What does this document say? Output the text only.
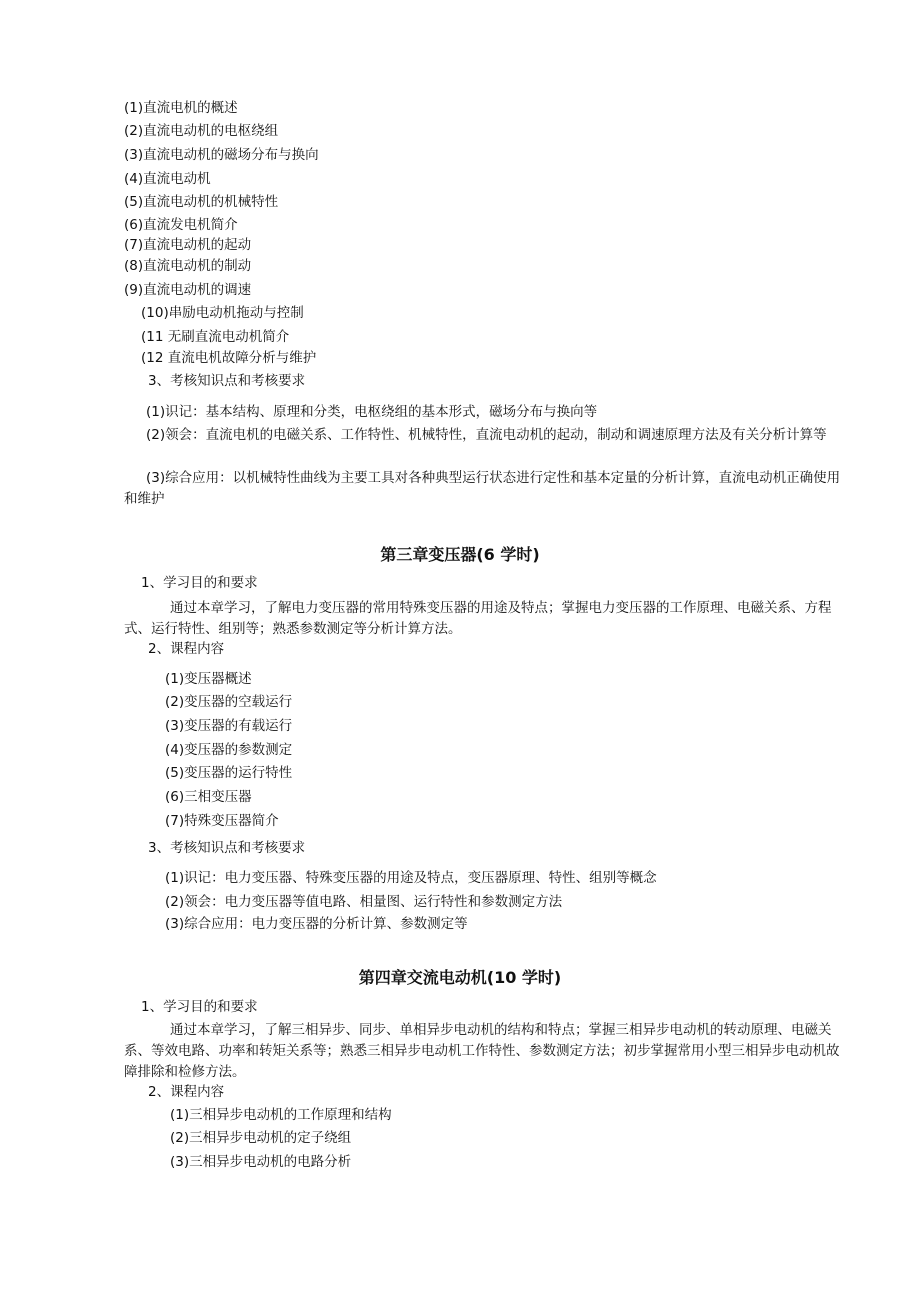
(1)直流电机的概述
(2)直流电动机的电枢绕组
(3)直流电动机的磁场分布与换向
(4)直流电动机
(5)直流电动机的机械特性
(6)直流发电机简介
(7)直流电动机的起动
(8)直流电动机的制动
(9)直流电动机的调速
(10)串励电动机拖动与控制
(11 无刷直流电动机简介
(12 直流电机故障分析与维护
3、考核知识点和考核要求
(1)识记：基本结构、原理和分类，电枢绕组的基本形式，磁场分布与换向等
(2)领会：直流电机的电磁关系、工作特性、机械特性，直流电动机的起动，制动和调速原理方法及有关分析计算等
(3)综合应用：以机械特性曲线为主要工具对各种典型运行状态进行定性和基本定量的分析计算，直流电动机正确使用和维护
第三章变压器(6 学时)
1、学习目的和要求
通过本章学习，了解电力变压器的常用特殊变压器的用途及特点；掌握电力变压器的工作原理、电磁关系、方程式、运行特性、组别等；熟悉参数测定等分析计算方法。
2、课程内容
(1)变压器概述
(2)变压器的空载运行
(3)变压器的有载运行
(4)变压器的参数测定
(5)变压器的运行特性
(6)三相变压器
(7)特殊变压器简介
3、考核知识点和考核要求
(1)识记：电力变压器、特殊变压器的用途及特点，变压器原理、特性、组别等概念
(2)领会：电力变压器等值电路、相量图、运行特性和参数测定方法
(3)综合应用：电力变压器的分析计算、参数测定等
第四章交流电动机(10 学时)
1、学习目的和要求
通过本章学习，了解三相异步、同步、单相异步电动机的结构和特点；掌握三相异步电动机的转动原理、电磁关系、等效电路、功率和转矩关系等；熟悉三相异步电动机工作特性、参数测定方法；初步掌握常用小型三相异步电动机故障排除和检修方法。
2、课程内容
(1)三相异步电动机的工作原理和结构
(2)三相异步电动机的定子绕组
(3)三相异步电动机的电路分析
